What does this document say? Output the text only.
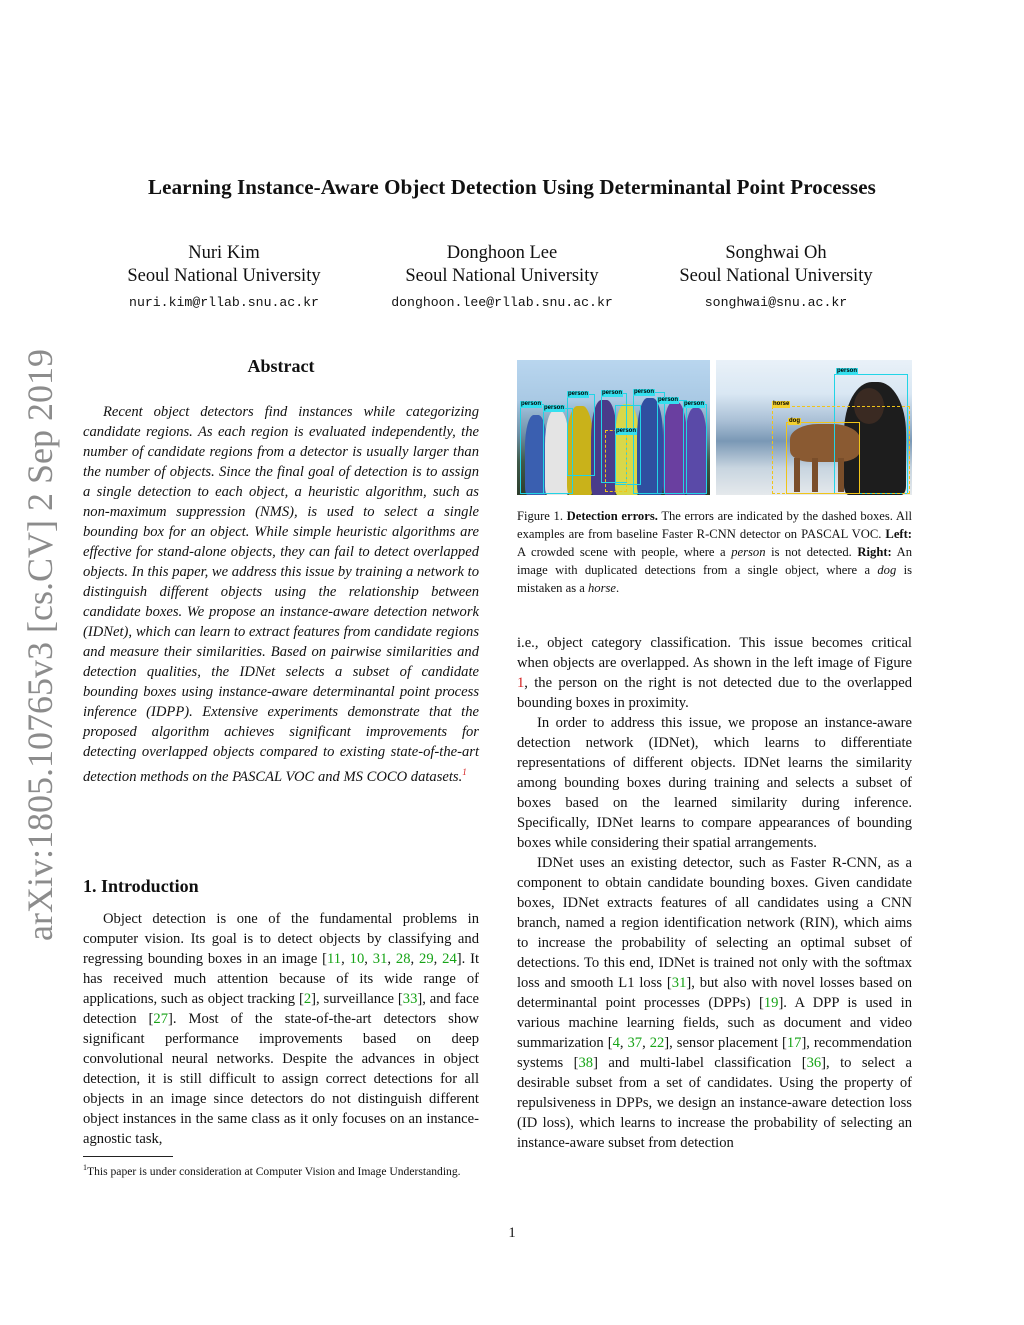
Learning Instance-Aware Object Detection Using Determinantal Point Processes
Nuri Kim
Seoul National University
nuri.kim@rllab.snu.ac.kr
Donghoon Lee
Seoul National University
donghoon.lee@rllab.snu.ac.kr
Songhwai Oh
Seoul National University
songhwai@snu.ac.kr
arXiv:1805.10765v3 [cs.CV] 2 Sep 2019	Abstract

Recent object detectors find instances while categorizing candidate regions. As each region is evaluated independently, the number of candidate regions from a detector is usually larger than the number of objects. Since the final goal of detection is to assign a single detection to each object, a heuristic algorithm, such as non-maximum suppression (NMS), is used to select a single bounding box for an object. While simple heuristic algorithms are effective for stand-alone objects, they can fail to detect overlapped objects. In this paper, we address this issue by training a network to distinguish different objects using the relationship between candidate boxes. We propose an instance-aware detection network (IDNet), which can learn to extract features from candidate regions and measure their similarities. Based on pairwise similarities and detection qualities, the IDNet selects a subset of candidate bounding boxes using instance-aware determinantal point process inference (IDPP). Extensive experiments demonstrate that the proposed algorithm achieves significant improvements for detecting overlapped objects compared to existing state-of-the-art detection methods on the PASCAL VOC and MS COCO datasets.$^1$

1. Introduction

Object detection is one of the fundamental problems in computer vision. Its goal is to detect objects by classifying and regressing bounding boxes in an image [11, 10, 31, 28, 29, 24]. It has received much attention because of its wide range of applications, such as object tracking [2], surveillance [33], and face detection [27]. Most of the state-of-the-art detectors show significant performance improvements based on deep convolutional neural networks. Despite the advances in object detection, it is still difficult to assign correct detections for all objects in an image since detectors do not distinguish different object instances in the same class as it only focuses on an instance-agnostic task,

$^1$This paper is under consideration at Computer Vision and Image Understanding.
person
person
person person person
person
person
person
person
horse
dog

Figure 1. Detection errors. The errors are indicated by the dashed boxes. All examples are from baseline Faster R-CNN detector on PASCAL VOC. Left: A crowded scene with people, where a person is not detected. Right: An image with duplicated detections from a single object, where a dog is mistaken as a horse.

i.e., object category classification. This issue becomes critical when objects are overlapped. As shown in the left image of Figure 1, the person on the right is not detected due to the overlapped bounding boxes in proximity.

In order to address this issue, we propose an instance-aware detection network (IDNet), which learns to differentiate representations of different objects. IDNet learns the similarity among bounding boxes during training and selects a subset of boxes based on the learned similarity during inference. Specifically, IDNet learns to compare appearances of bounding boxes while considering their spatial arrangements.

IDNet uses an existing detector, such as Faster R-CNN, as a component to obtain candidate bounding boxes. Given candidate boxes, IDNet extracts features of all candidates using a CNN branch, named a region identification network (RIN), which aims to increase the probability of selecting an optimal subset of detections. To this end, IDNet is trained not only with the softmax loss and smooth L1 loss [31], but also with novel losses based on determinantal point processes (DPPs) [19]. A DPP is used in various machine learning fields, such as document and video summarization [4, 37, 22], sensor placement [17], recommendation systems [38] and multi-label classification [36], to select a desirable subset from a set of candidates. Using the property of repulsiveness in DPPs, we design an instance-aware detection loss (ID loss), which learns to increase the probability of selecting an instance-aware subset from detection

1
